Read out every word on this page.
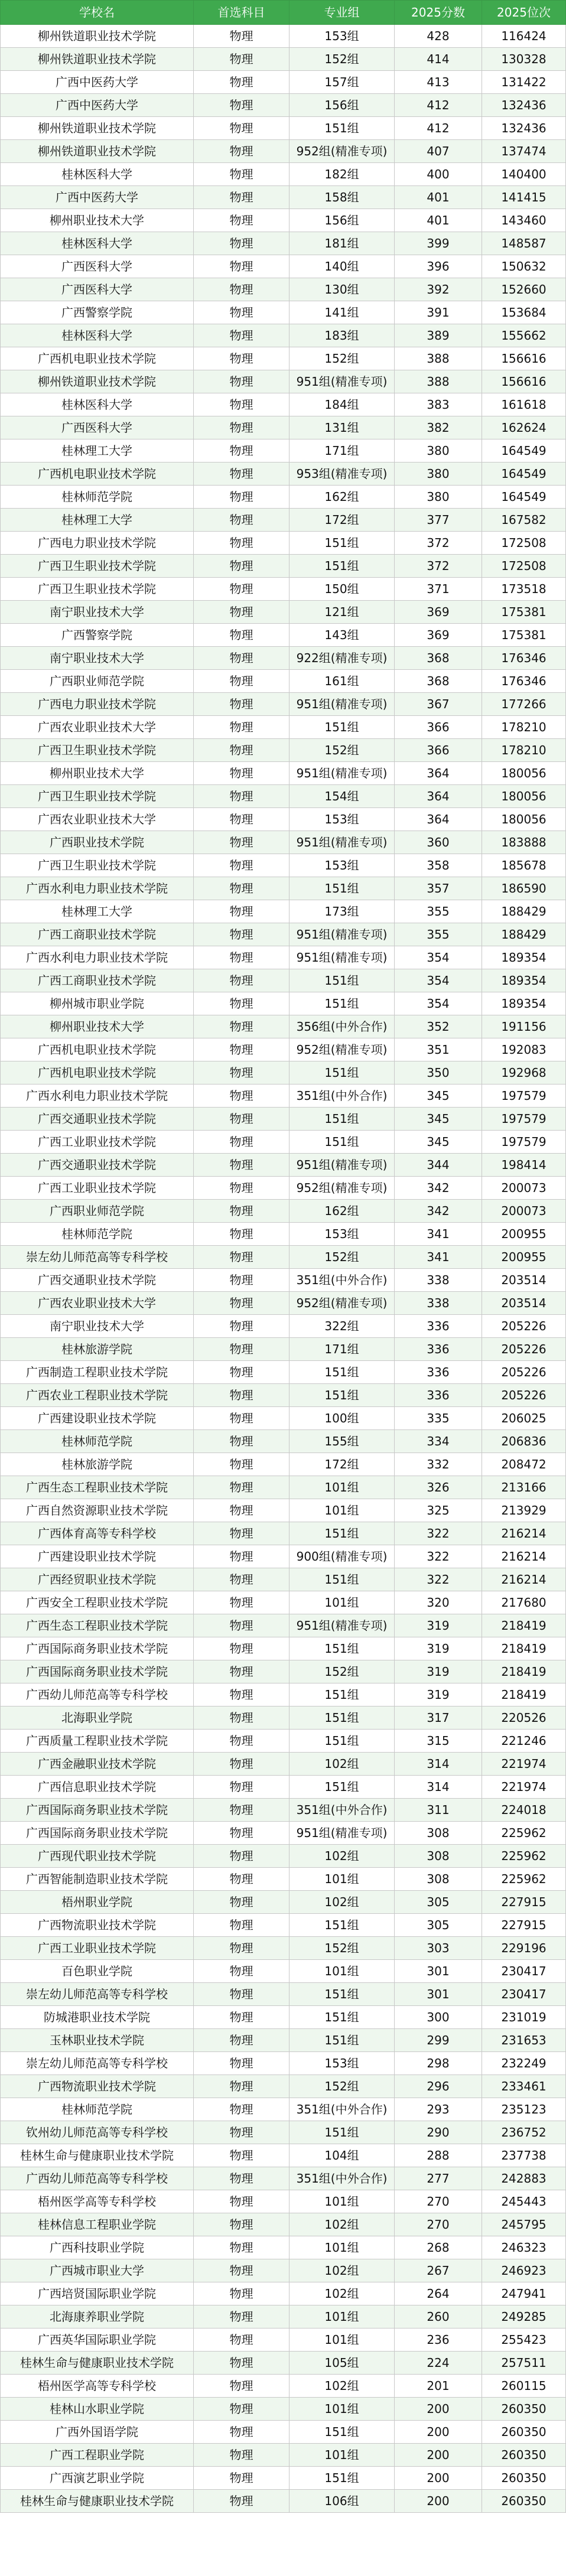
学校名	首选科目	专业组	2025分数	2025位次
柳州铁道职业技术学院	物理	153组	428	116424
柳州铁道职业技术学院	物理	152组	414	130328
广西中医药大学	物理	157组	413	131422
广西中医药大学	物理	156组	412	132436
柳州铁道职业技术学院	物理	151组	412	132436
柳州铁道职业技术学院	物理	952组(精准专项)	407	137474
桂林医科大学	物理	182组	400	140400
广西中医药大学	物理	158组	401	141415
柳州职业技术大学	物理	156组	401	143460
桂林医科大学	物理	181组	399	148587
广西医科大学	物理	140组	396	150632
广西医科大学	物理	130组	392	152660
广西警察学院	物理	141组	391	153684
桂林医科大学	物理	183组	389	155662
广西机电职业技术学院	物理	152组	388	156616
柳州铁道职业技术学院	物理	951组(精准专项)	388	156616
桂林医科大学	物理	184组	383	161618
广西医科大学	物理	131组	382	162624
桂林理工大学	物理	171组	380	164549
广西机电职业技术学院	物理	953组(精准专项)	380	164549
桂林师范学院	物理	162组	380	164549
桂林理工大学	物理	172组	377	167582
广西电力职业技术学院	物理	151组	372	172508
广西卫生职业技术学院	物理	151组	372	172508
广西卫生职业技术学院	物理	150组	371	173518
南宁职业技术大学	物理	121组	369	175381
广西警察学院	物理	143组	369	175381
南宁职业技术大学	物理	922组(精准专项)	368	176346
广西职业师范学院	物理	161组	368	176346
广西电力职业技术学院	物理	951组(精准专项)	367	177266
广西农业职业技术大学	物理	151组	366	178210
广西卫生职业技术学院	物理	152组	366	178210
柳州职业技术大学	物理	951组(精准专项)	364	180056
广西卫生职业技术学院	物理	154组	364	180056
广西农业职业技术大学	物理	153组	364	180056
广西职业技术学院	物理	951组(精准专项)	360	183888
广西卫生职业技术学院	物理	153组	358	185678
广西水利电力职业技术学院	物理	151组	357	186590
桂林理工大学	物理	173组	355	188429
广西工商职业技术学院	物理	951组(精准专项)	355	188429
广西水利电力职业技术学院	物理	951组(精准专项)	354	189354
广西工商职业技术学院	物理	151组	354	189354
柳州城市职业学院	物理	151组	354	189354
柳州职业技术大学	物理	356组(中外合作)	352	191156
广西机电职业技术学院	物理	952组(精准专项)	351	192083
广西机电职业技术学院	物理	151组	350	192968
广西水利电力职业技术学院	物理	351组(中外合作)	345	197579
广西交通职业技术学院	物理	151组	345	197579
广西工业职业技术学院	物理	151组	345	197579
广西交通职业技术学院	物理	951组(精准专项)	344	198414
广西工业职业技术学院	物理	952组(精准专项)	342	200073
广西职业师范学院	物理	162组	342	200073
桂林师范学院	物理	153组	341	200955
崇左幼儿师范高等专科学校	物理	152组	341	200955
广西交通职业技术学院	物理	351组(中外合作)	338	203514
广西农业职业技术大学	物理	952组(精准专项)	338	203514
南宁职业技术大学	物理	322组	336	205226
桂林旅游学院	物理	171组	336	205226
广西制造工程职业技术学院	物理	151组	336	205226
广西农业工程职业技术学院	物理	151组	336	205226
广西建设职业技术学院	物理	100组	335	206025
桂林师范学院	物理	155组	334	206836
桂林旅游学院	物理	172组	332	208472
广西生态工程职业技术学院	物理	101组	326	213166
广西自然资源职业技术学院	物理	101组	325	213929
广西体育高等专科学校	物理	151组	322	216214
广西建设职业技术学院	物理	900组(精准专项)	322	216214
广西经贸职业技术学院	物理	151组	322	216214
广西安全工程职业技术学院	物理	101组	320	217680
广西生态工程职业技术学院	物理	951组(精准专项)	319	218419
广西国际商务职业技术学院	物理	151组	319	218419
广西国际商务职业技术学院	物理	152组	319	218419
广西幼儿师范高等专科学校	物理	151组	319	218419
北海职业学院	物理	151组	317	220526
广西质量工程职业技术学院	物理	151组	315	221246
广西金融职业技术学院	物理	102组	314	221974
广西信息职业技术学院	物理	151组	314	221974
广西国际商务职业技术学院	物理	351组(中外合作)	311	224018
广西国际商务职业技术学院	物理	951组(精准专项)	308	225962
广西现代职业技术学院	物理	102组	308	225962
广西智能制造职业技术学院	物理	101组	308	225962
梧州职业学院	物理	102组	305	227915
广西物流职业技术学院	物理	151组	305	227915
广西工业职业技术学院	物理	152组	303	229196
百色职业学院	物理	101组	301	230417
崇左幼儿师范高等专科学校	物理	151组	301	230417
防城港职业技术学院	物理	151组	300	231019
玉林职业技术学院	物理	151组	299	231653
崇左幼儿师范高等专科学校	物理	153组	298	232249
广西物流职业技术学院	物理	152组	296	233461
桂林师范学院	物理	351组(中外合作)	293	235123
钦州幼儿师范高等专科学校	物理	151组	290	236752
桂林生命与健康职业技术学院	物理	104组	288	237738
广西幼儿师范高等专科学校	物理	351组(中外合作)	277	242883
梧州医学高等专科学校	物理	101组	270	245443
桂林信息工程职业学院	物理	102组	270	245795
广西科技职业学院	物理	101组	268	246323
广西城市职业大学	物理	102组	267	246923
广西培贤国际职业学院	物理	102组	264	247941
北海康养职业学院	物理	101组	260	249285
广西英华国际职业学院	物理	101组	236	255423
桂林生命与健康职业技术学院	物理	105组	224	257511
梧州医学高等专科学校	物理	102组	201	260115
桂林山水职业学院	物理	101组	200	260350
广西外国语学院	物理	151组	200	260350
广西工程职业学院	物理	101组	200	260350
广西演艺职业学院	物理	151组	200	260350
桂林生命与健康职业技术学院	物理	106组	200	260350
